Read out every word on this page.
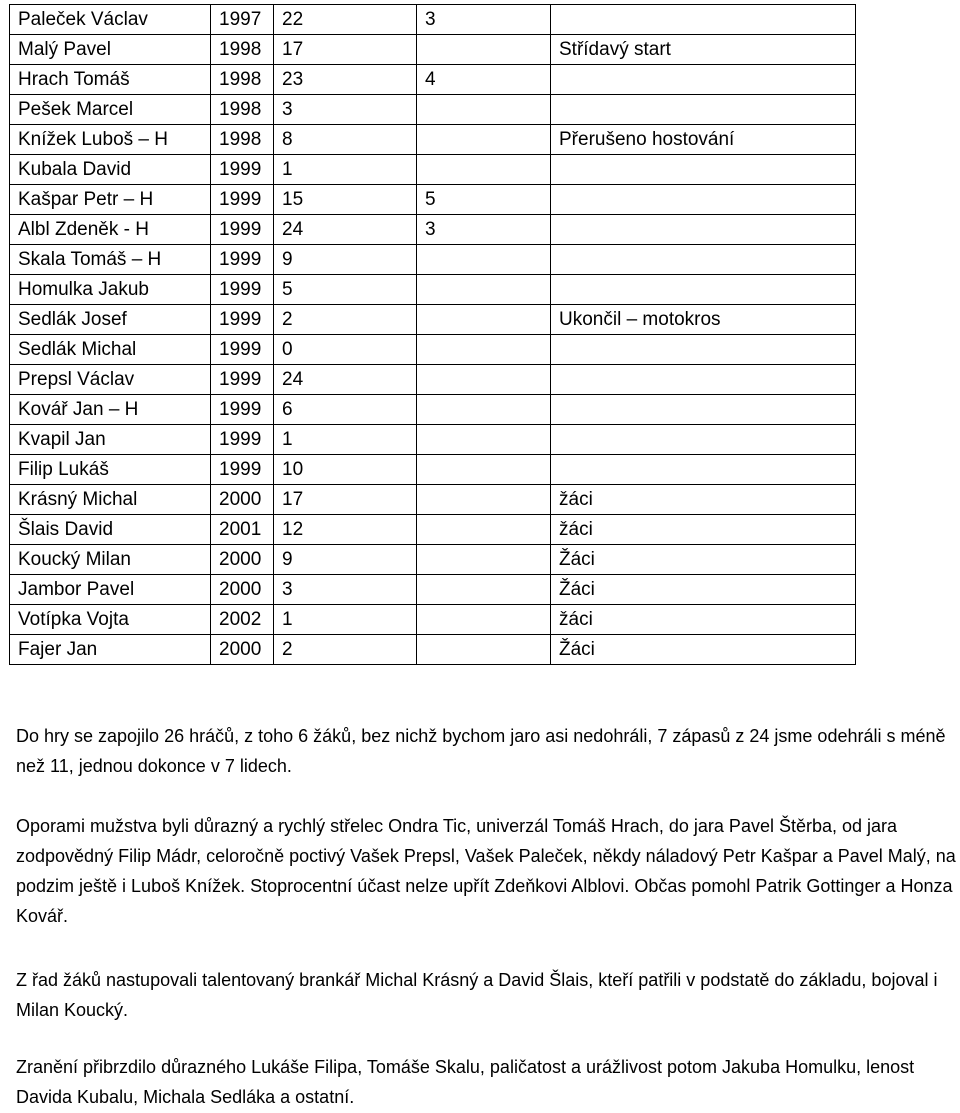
Paleček Václav	1997	22	3	
Malý Pavel	1998	17		Střídavý start
Hrach Tomáš	1998	23	4	
Pešek Marcel	1998	3		
Knížek Luboš – H	1998	8		Přerušeno hostování
Kubala David	1999	1		
Kašpar Petr – H	1999	15	5	
Albl Zdeněk - H	1999	24	3	
Skala Tomáš – H	1999	9		
Homulka Jakub	1999	5		
Sedlák Josef	1999	2		Ukončil – motokros
Sedlák Michal	1999	0		
Prepsl Václav	1999	24		
Kovář Jan – H	1999	6		
Kvapil Jan	1999	1		
Filip Lukáš	1999	10		
Krásný Michal	2000	17		žáci
Šlais David	2001	12		žáci
Koucký Milan	2000	9		Žáci
Jambor Pavel	2000	3		Žáci
Votípka Vojta	2002	1		žáci
Fajer Jan	2000	2		Žáci

Do hry se zapojilo 26 hráčů, z toho 6 žáků, bez nichž bychom jaro asi nedohráli, 7 zápasů z 24 jsme odehráli s méně než 11, jednou dokonce v 7 lidech.

Oporami mužstva byli důrazný a rychlý střelec Ondra Tic, univerzál Tomáš Hrach, do jara Pavel Štěrba, od jara zodpovědný Filip Mádr, celoročně poctivý Vašek Prepsl, Vašek Paleček, někdy náladový Petr Kašpar a Pavel Malý, na podzim ještě i Luboš Knížek. Stoprocentní účast nelze upřít Zdeňkovi Alblovi. Občas pomohl Patrik Gottinger a Honza Kovář.

Z řad žáků nastupovali talentovaný brankář Michal Krásný a David Šlais, kteří patřili v podstatě do základu, bojoval i Milan Koucký.

Zranění přibrzdilo důrazného Lukáše Filipa, Tomáše Skalu, paličatost a urážlivost potom Jakuba Homulku, lenost Davida Kubalu, Michala Sedláka a ostatní.
